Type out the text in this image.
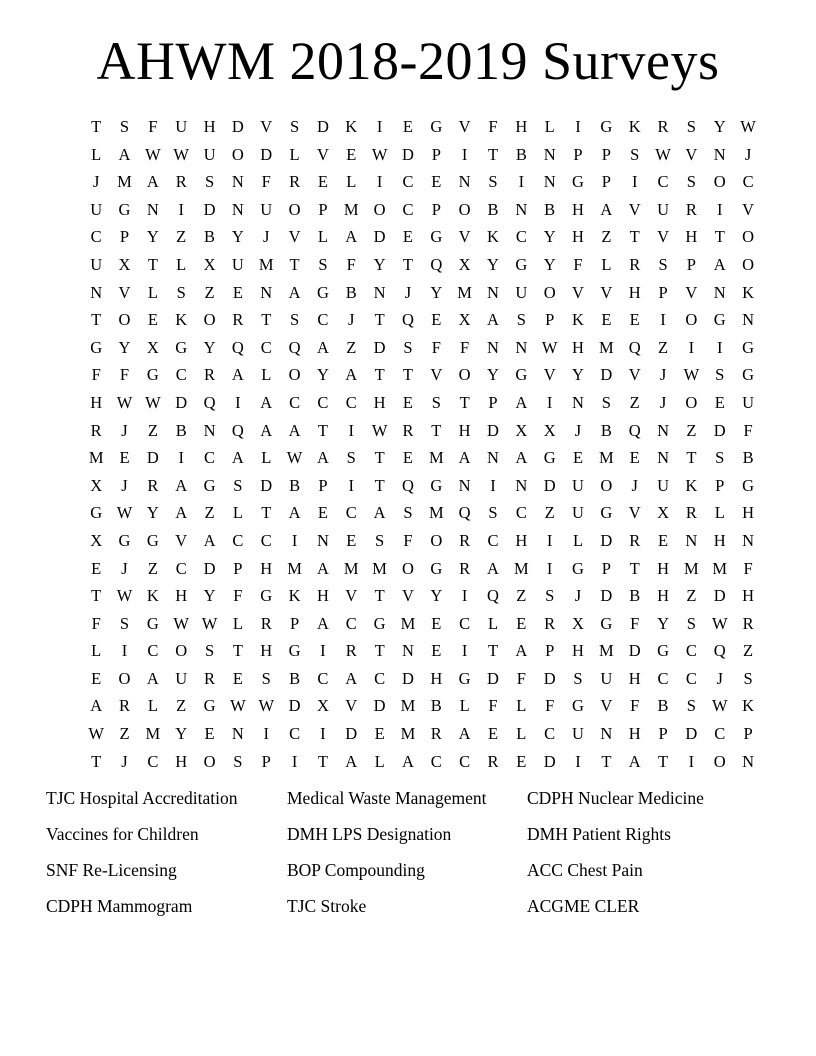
AHWM 2018-2019 Surveys
T	S	F	U	H	D	V	S	D	K	I	E	G	V	F	H	L	I	G	K	R	S	Y	W
L	A	W	W	U	O	D	L	V	E	W	D	P	I	T	B	N	P	P	S	W	V	N	J
J	M	A	R	S	N	F	R	E	L	I	C	E	N	S	I	N	G	P	I	C	S	O	C
U	G	N	I	D	N	U	O	P	M	O	C	P	O	B	N	B	H	A	V	U	R	I	V
C	P	Y	Z	B	Y	J	V	L	A	D	E	G	V	K	C	Y	H	Z	T	V	H	T	O
U	X	T	L	X	U	M	T	S	F	Y	T	Q	X	Y	G	Y	F	L	R	S	P	A	O
N	V	L	S	Z	E	N	A	G	B	N	J	Y	M	N	U	O	V	V	H	P	V	N	K
T	O	E	K	O	R	T	S	C	J	T	Q	E	X	A	S	P	K	E	E	I	O	G	N
G	Y	X	G	Y	Q	C	Q	A	Z	D	S	F	F	N	N	W	H	M	Q	Z	I	I	G
F	F	G	C	R	A	L	O	Y	A	T	T	V	O	Y	G	V	Y	D	V	J	W	S	G
H	W	W	D	Q	I	A	C	C	C	H	E	S	T	P	A	I	N	S	Z	J	O	E	U
R	J	Z	B	N	Q	A	A	T	I	W	R	T	H	D	X	X	J	B	Q	N	Z	D	F
M	E	D	I	C	A	L	W	A	S	T	E	M	A	N	A	G	E	M	E	N	T	S	B
X	J	R	A	G	S	D	B	P	I	T	Q	G	N	I	N	D	U	O	J	U	K	P	G
G	W	Y	A	Z	L	T	A	E	C	A	S	M	Q	S	C	Z	U	G	V	X	R	L	H
X	G	G	V	A	C	C	I	N	E	S	F	O	R	C	H	I	L	D	R	E	N	H	N
E	J	Z	C	D	P	H	M	A	M	M	O	G	R	A	M	I	G	P	T	H	M	M	F
T	W	K	H	Y	F	G	K	H	V	T	V	Y	I	Q	Z	S	J	D	B	H	Z	D	H
F	S	G	W	W	L	R	P	A	C	G	M	E	C	L	E	R	X	G	F	Y	S	W	R
L	I	C	O	S	T	H	G	I	R	T	N	E	I	T	A	P	H	M	D	G	C	Q	Z
E	O	A	U	R	E	S	B	C	A	C	D	H	G	D	F	D	S	U	H	C	C	J	S
A	R	L	Z	G	W	W	D	X	V	D	M	B	L	F	L	F	G	V	F	B	S	W	K
W	Z	M	Y	E	N	I	C	I	D	E	M	R	A	E	L	C	U	N	H	P	D	C	P
T	J	C	H	O	S	P	I	T	A	L	A	C	C	R	E	D	I	T	A	T	I	O	N
TJC Hospital Accreditation	Medical Waste Management	CDPH Nuclear Medicine
Vaccines for Children	DMH LPS Designation	DMH Patient Rights
SNF Re-Licensing	BOP Compounding	ACC Chest Pain
CDPH Mammogram	TJC Stroke	ACGME CLER
